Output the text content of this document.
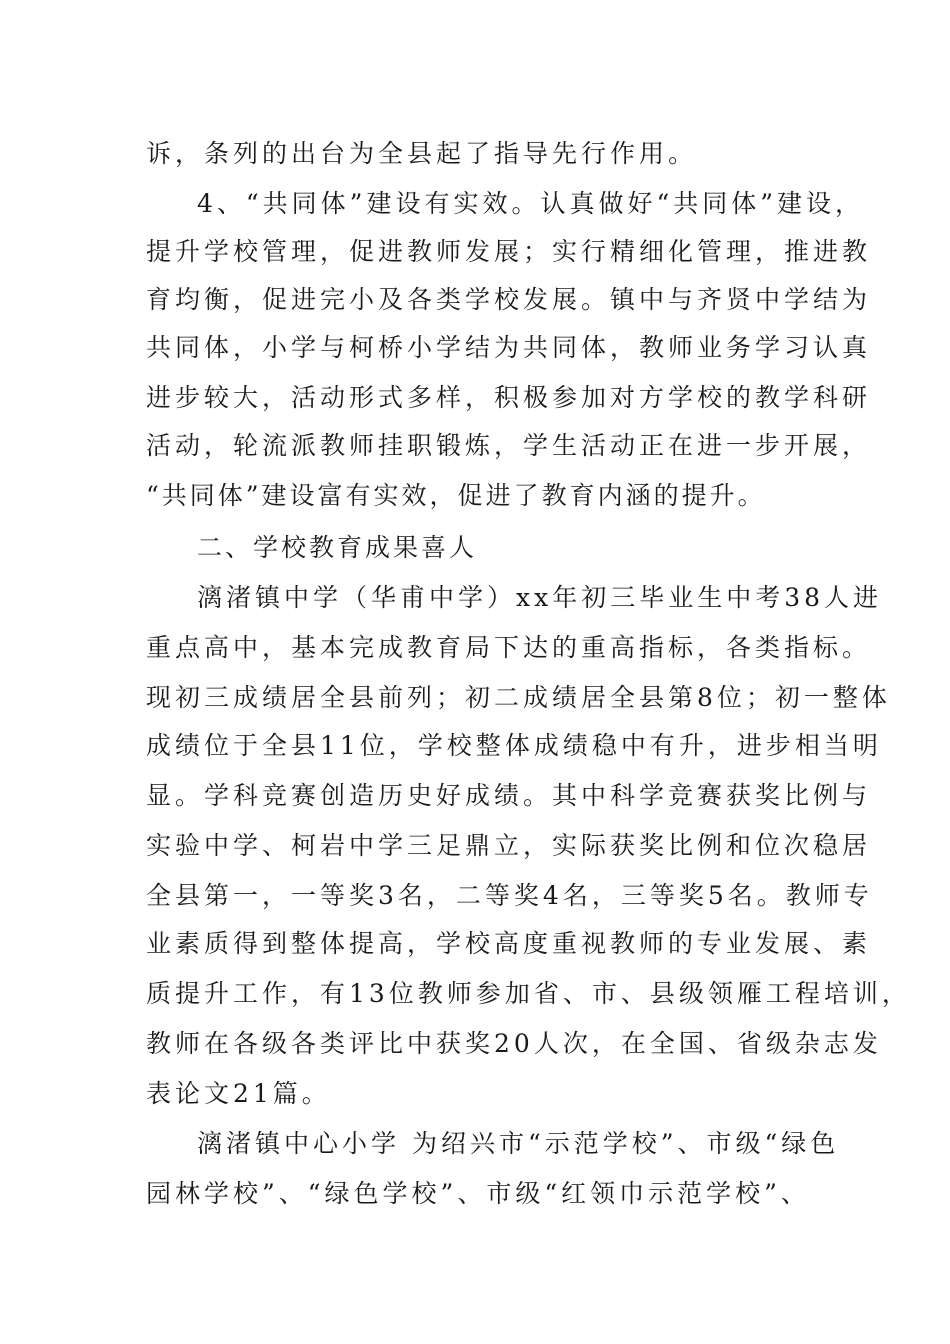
诉，条列的出台为全县起了指导先行作用。
4、“共同体”建设有实效。认真做好“共同体”建设，
提升学校管理，促进教师发展；实行精细化管理，推进教
育均衡，促进完小及各类学校发展。镇中与齐贤中学结为
共同体，小学与柯桥小学结为共同体，教师业务学习认真
进步较大，活动形式多样，积极参加对方学校的教学科研
活动，轮流派教师挂职锻炼，学生活动正在进一步开展，
“共同体”建设富有实效，促进了教育内涵的提升。
二、学校教育成果喜人
漓渚镇中学（华甫中学）xx年初三毕业生中考38人进
重点高中，基本完成教育局下达的重高指标，各类指标。
现初三成绩居全县前列；初二成绩居全县第8位；初一整体
成绩位于全县11位，学校整体成绩稳中有升，进步相当明
显。学科竞赛创造历史好成绩。其中科学竞赛获奖比例与
实验中学、柯岩中学三足鼎立，实际获奖比例和位次稳居
全县第一，一等奖3名，二等奖4名，三等奖5名。教师专
业素质得到整体提高，学校高度重视教师的专业发展、素
质提升工作，有13位教师参加省、市、县级领雁工程培训，
教师在各级各类评比中获奖20人次，在全国、省级杂志发
表论文21篇。
漓渚镇中心小学 为绍兴市“示范学校”、市级“绿色
园林学校”、“绿色学校”、市级“红领巾示范学校”、
